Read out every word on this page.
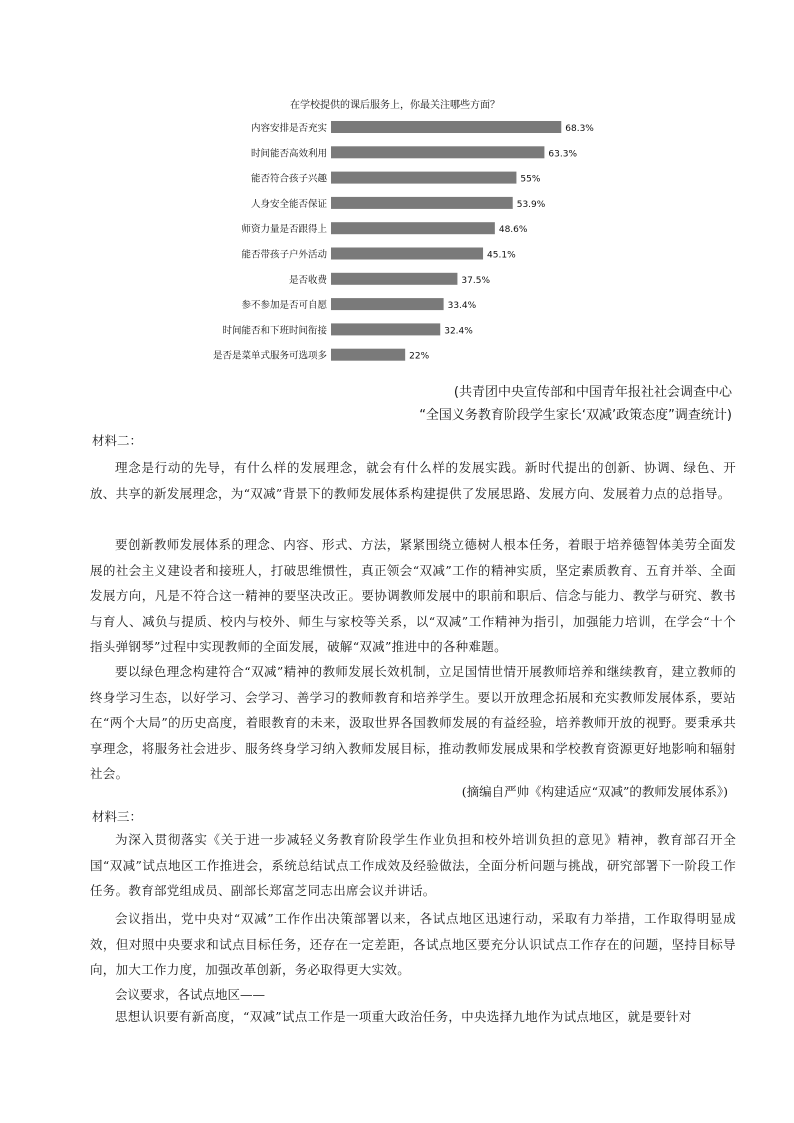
在学校提供的课后服务上，你最关注哪些方面？
内容安排是否充实	68.3%
时间能否高效利用	63.3%
能否符合孩子兴趣	55%
人身安全能否保证	53.9%
师资力量是否跟得上	48.6%
能否带孩子户外活动	45.1%
是否收费	37.5%
参不参加是否可自愿	33.4%
时间能否和下班时间衔接	32.4%
是否是菜单式服务可选项多	22%
(共青团中央宣传部和中国青年报社社会调查中心
“全国义务教育阶段学生家长‘双减’政策态度”调查统计)
材料二：

理念是行动的先导，有什么样的发展理念，就会有什么样的发展实践。新时代提出的创新、协调、绿色、开放、共享的新发展理念，为“双减”背景下的教师发展体系构建提供了发展思路、发展方向、发展着力点的总指导。

要创新教师发展体系的理念、内容、形式、方法，紧紧围绕立德树人根本任务，着眼于培养德智体美劳全面发展的社会主义建设者和接班人，打破思维惯性，真正领会“双减”工作的精神实质，坚定素质教育、五育并举、全面发展方向，凡是不符合这一精神的要坚决改正。要协调教师发展中的职前和职后、信念与能力、教学与研究、教书与育人、减负与提质、校内与校外、师生与家校等关系，以“双减”工作精神为指引，加强能力培训，在学会“十个指头弹钢琴”过程中实现教师的全面发展，破解“双减”推进中的各种难题。

要以绿色理念构建符合“双减”精神的教师发展长效机制，立足国情世情开展教师培养和继续教育，建立教师的终身学习生态，以好学习、会学习、善学习的教师教育和培养学生。要以开放理念拓展和充实教师发展体系，要站在“两个大局”的历史高度，着眼教育的未来，汲取世界各国教师发展的有益经验，培养教师开放的视野。要秉承共享理念，将服务社会进步、服务终身学习纳入教师发展目标，推动教师发展成果和学校教育资源更好地影响和辐射社会。

(摘编自严帅《构建适应“双减”的教师发展体系》)
材料三：

为深入贯彻落实《关于进一步减轻义务教育阶段学生作业负担和校外培训负担的意见》精神，教育部召开全国“双减”试点地区工作推进会，系统总结试点工作成效及经验做法，全面分析问题与挑战，研究部署下一阶段工作任务。教育部党组成员、副部长郑富芝同志出席会议并讲话。

会议指出，党中央对“双减”工作作出决策部署以来，各试点地区迅速行动，采取有力举措，工作取得明显成效，但对照中央要求和试点目标任务，还存在一定差距，各试点地区要充分认识试点工作存在的问题，坚持目标导向，加大工作力度，加强改革创新，务必取得更大实效。

会议要求，各试点地区——

思想认识要有新高度，“双减”试点工作是一项重大政治任务，中央选择九地作为试点地区，就是要针对
